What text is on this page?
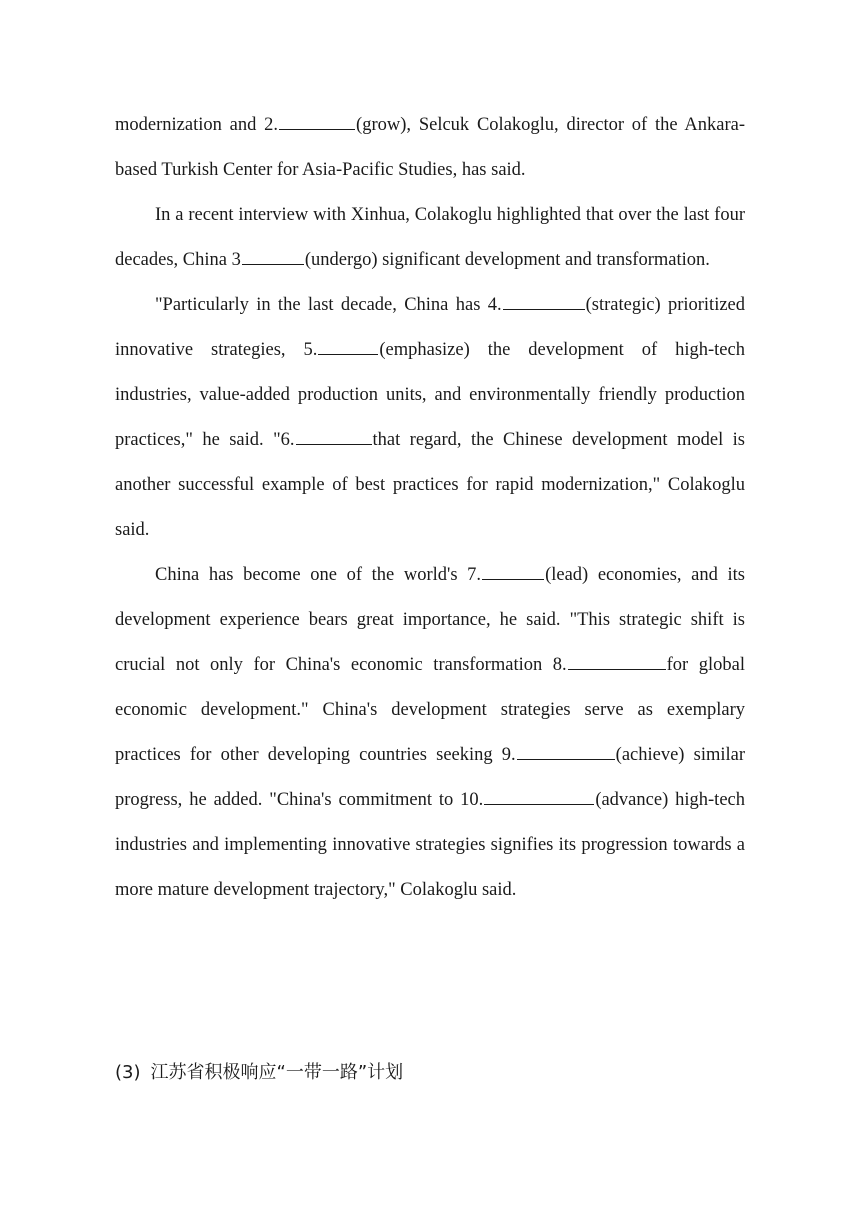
modernization and 2.	(grow), Selcuk Colakoglu, director of the Ankara-based Turkish Center for Asia-Pacific Studies, has said.

In a recent interview with Xinhua, Colakoglu highlighted that over the last four decades, China 3	(undergo) significant development and transformation.

"Particularly in the last decade, China has 4.	(strategic) prioritized innovative strategies, 5.	(emphasize) the development of high-tech industries, value-added production units, and environmentally friendly production practices," he said. "6.	that regard, the Chinese development model is another successful example of best practices for rapid modernization," Colakoglu said.

China has become one of the world's 7.	(lead) economies, and its development experience bears great importance, he said. "This strategic shift is crucial not only for China's economic transformation 8.	for global economic development." China's development strategies serve as exemplary practices for other developing countries seeking 9.	(achieve) similar progress, he added. "China's commitment to 10.	(advance) high-tech industries and implementing innovative strategies signifies its progression towards a more mature development trajectory," Colakoglu said.

(3) 江苏省积极响应“一带一路”计划
